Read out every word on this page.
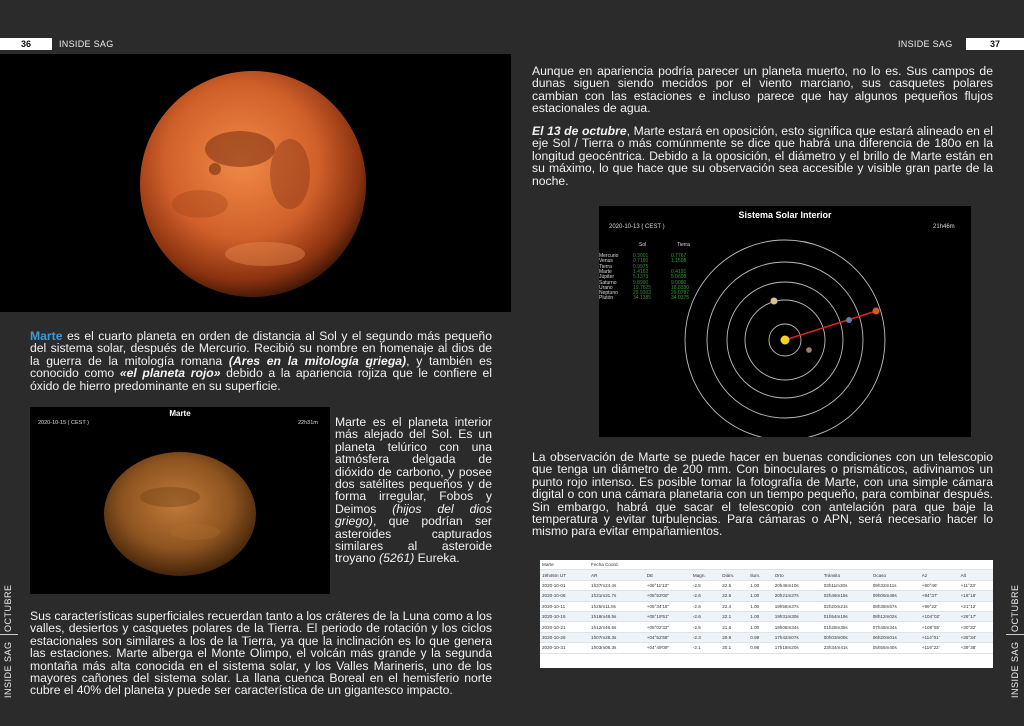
36	INSIDE SAG	INSIDE SAG	37
OCTUBRE
INSIDE SAG
OCTUBRE
INSIDE SAG

Marte es el cuarto planeta en orden de distancia al Sol y el segundo más pequeño del sistema solar, después de Mercurio. Recibió su nombre en homenaje al dios de la guerra de la mitología romana (Ares en la mitología griega), y también es conocido como «el planeta rojo» debido a la apariencia rojiza que le confiere el óxido de hierro predominante en su superficie.

Marte
2020-10-15 ( CEST )	22h31m Marte es el planeta interior más alejado del Sol. Es un planeta telúrico con una atmósfera delgada de dióxido de carbono, y posee dos satélites pequeños y de forma irregular, Fobos y Deimos (hijos del dios griego), que podrían ser asteroides capturados similares al asteroide troyano (5261) Eureka.

Sus características superficiales recuerdan tanto a los cráteres de la Luna como a los valles, desiertos y casquetes polares de la Tierra. El periodo de rotación y los ciclos estacionales son similares a los de la Tierra, ya que la inclinación es lo que genera las estaciones. Marte alberga el Monte Olimpo, el volcán más grande y la segunda montaña más alta conocida en el sistema solar, y los Valles Marineris, uno de los mayores cañones del sistema solar. La llana cuenca Boreal en el hemisferio norte cubre el 40% del planeta y puede ser característica de un gigantesco impacto.

Aunque en apariencia podría parecer un planeta muerto, no lo es. Sus campos de dunas siguen siendo mecidos por el viento marciano, sus casquetes polares cambian con las estaciones e incluso parece que hay algunos pequeños flujos estacionales de agua.

El 13 de octubre, Marte estará en oposición, esto significa que estará alineado en el eje Sol / Tierra o más comúnmente se dice que habrá una diferencia de 180o en la longitud geocéntrica. Debido a la oposición, el diámetro y el brillo de Marte están en su máximo, lo que hace que su observación sea accesible y visible gran parte de la noche.

Sistema Solar Interior
2020-10-13 ( CEST )	21h46m
Sol	Tierra
Mercurio	0.3001	0.7767
Venus	0.7190	1.1508
Tierra	0.9975
Marte	1.4162	0.4191
Júpiter	5.1373	5.0608
Saturno	9.8990	9.0080
Urano	19.7625	18.8330
Neptuno	29.9303	29.0787
Plutón	34.1385	34.0375

La observación de Marte se puede hacer en buenas condiciones con un telescopio que tenga un diámetro de 200 mm. Con binoculares o prismáticos, adivinamos un punto rojo intenso. Es posible tomar la fotografía de Marte, con una simple cámara digital o con una cámara planetaria con un tiempo pequeño, para combinar después. Sin embargo, habrá que sacar el telescopio con antelación para que baje la temperatura y evitar turbulencias. Para cámaras o APN, será necesario hacer lo mismo para evitar empañamientos.

Marte	Fecha Coord.									
19h46m UT	AR	DE	Magn.	Diám.	Ilum.	Orto	Tránsito	Ocaso	Az	Alt
2020-10-01	1h37m24.4s	+06°11'13"	-2.5	22.5	1.00	20h46m10s	03h11m30s	09h32m11s	+90°46'	+11°23'
2020-10-06	1h31m31.7s	+05°53'00"	-2.6	22.6	1.00	20h21m37s	02h46m15s	09h05m49s	+84°37'	+16°16'
2020-10-11	1h25m11.8s	+05°34'18"	-2.6	22.4	1.00	19h56m37s	02h20m21s	08h38m57s	+99°22'	+21°12'
2020-10-16	1h18m48.5s	+05°19'51"	-2.6	22.1	1.00	19h31m30s	01h54m19s	08h12m02s	+104°02'	+26°17'
2020-10-21	1h12m46.6s	+05°02'33"	-2.5	21.6	1.00	19h06m34s	01h28m35s	07h45m34s	+108°55'	+30°32'
2020-10-26	1h07m28.3s	+04°52'58"	-2.3	20.9	0.99	17h42m07s	00h03m00s	06h20m01s	+114°01'	+35°34'
2020-10-31	1h03m08.3s	+04°49'09"	-2.1	20.1	0.98	17h18m20s	23h34m41s	05h55m40s	+119°22'	+39°38'
